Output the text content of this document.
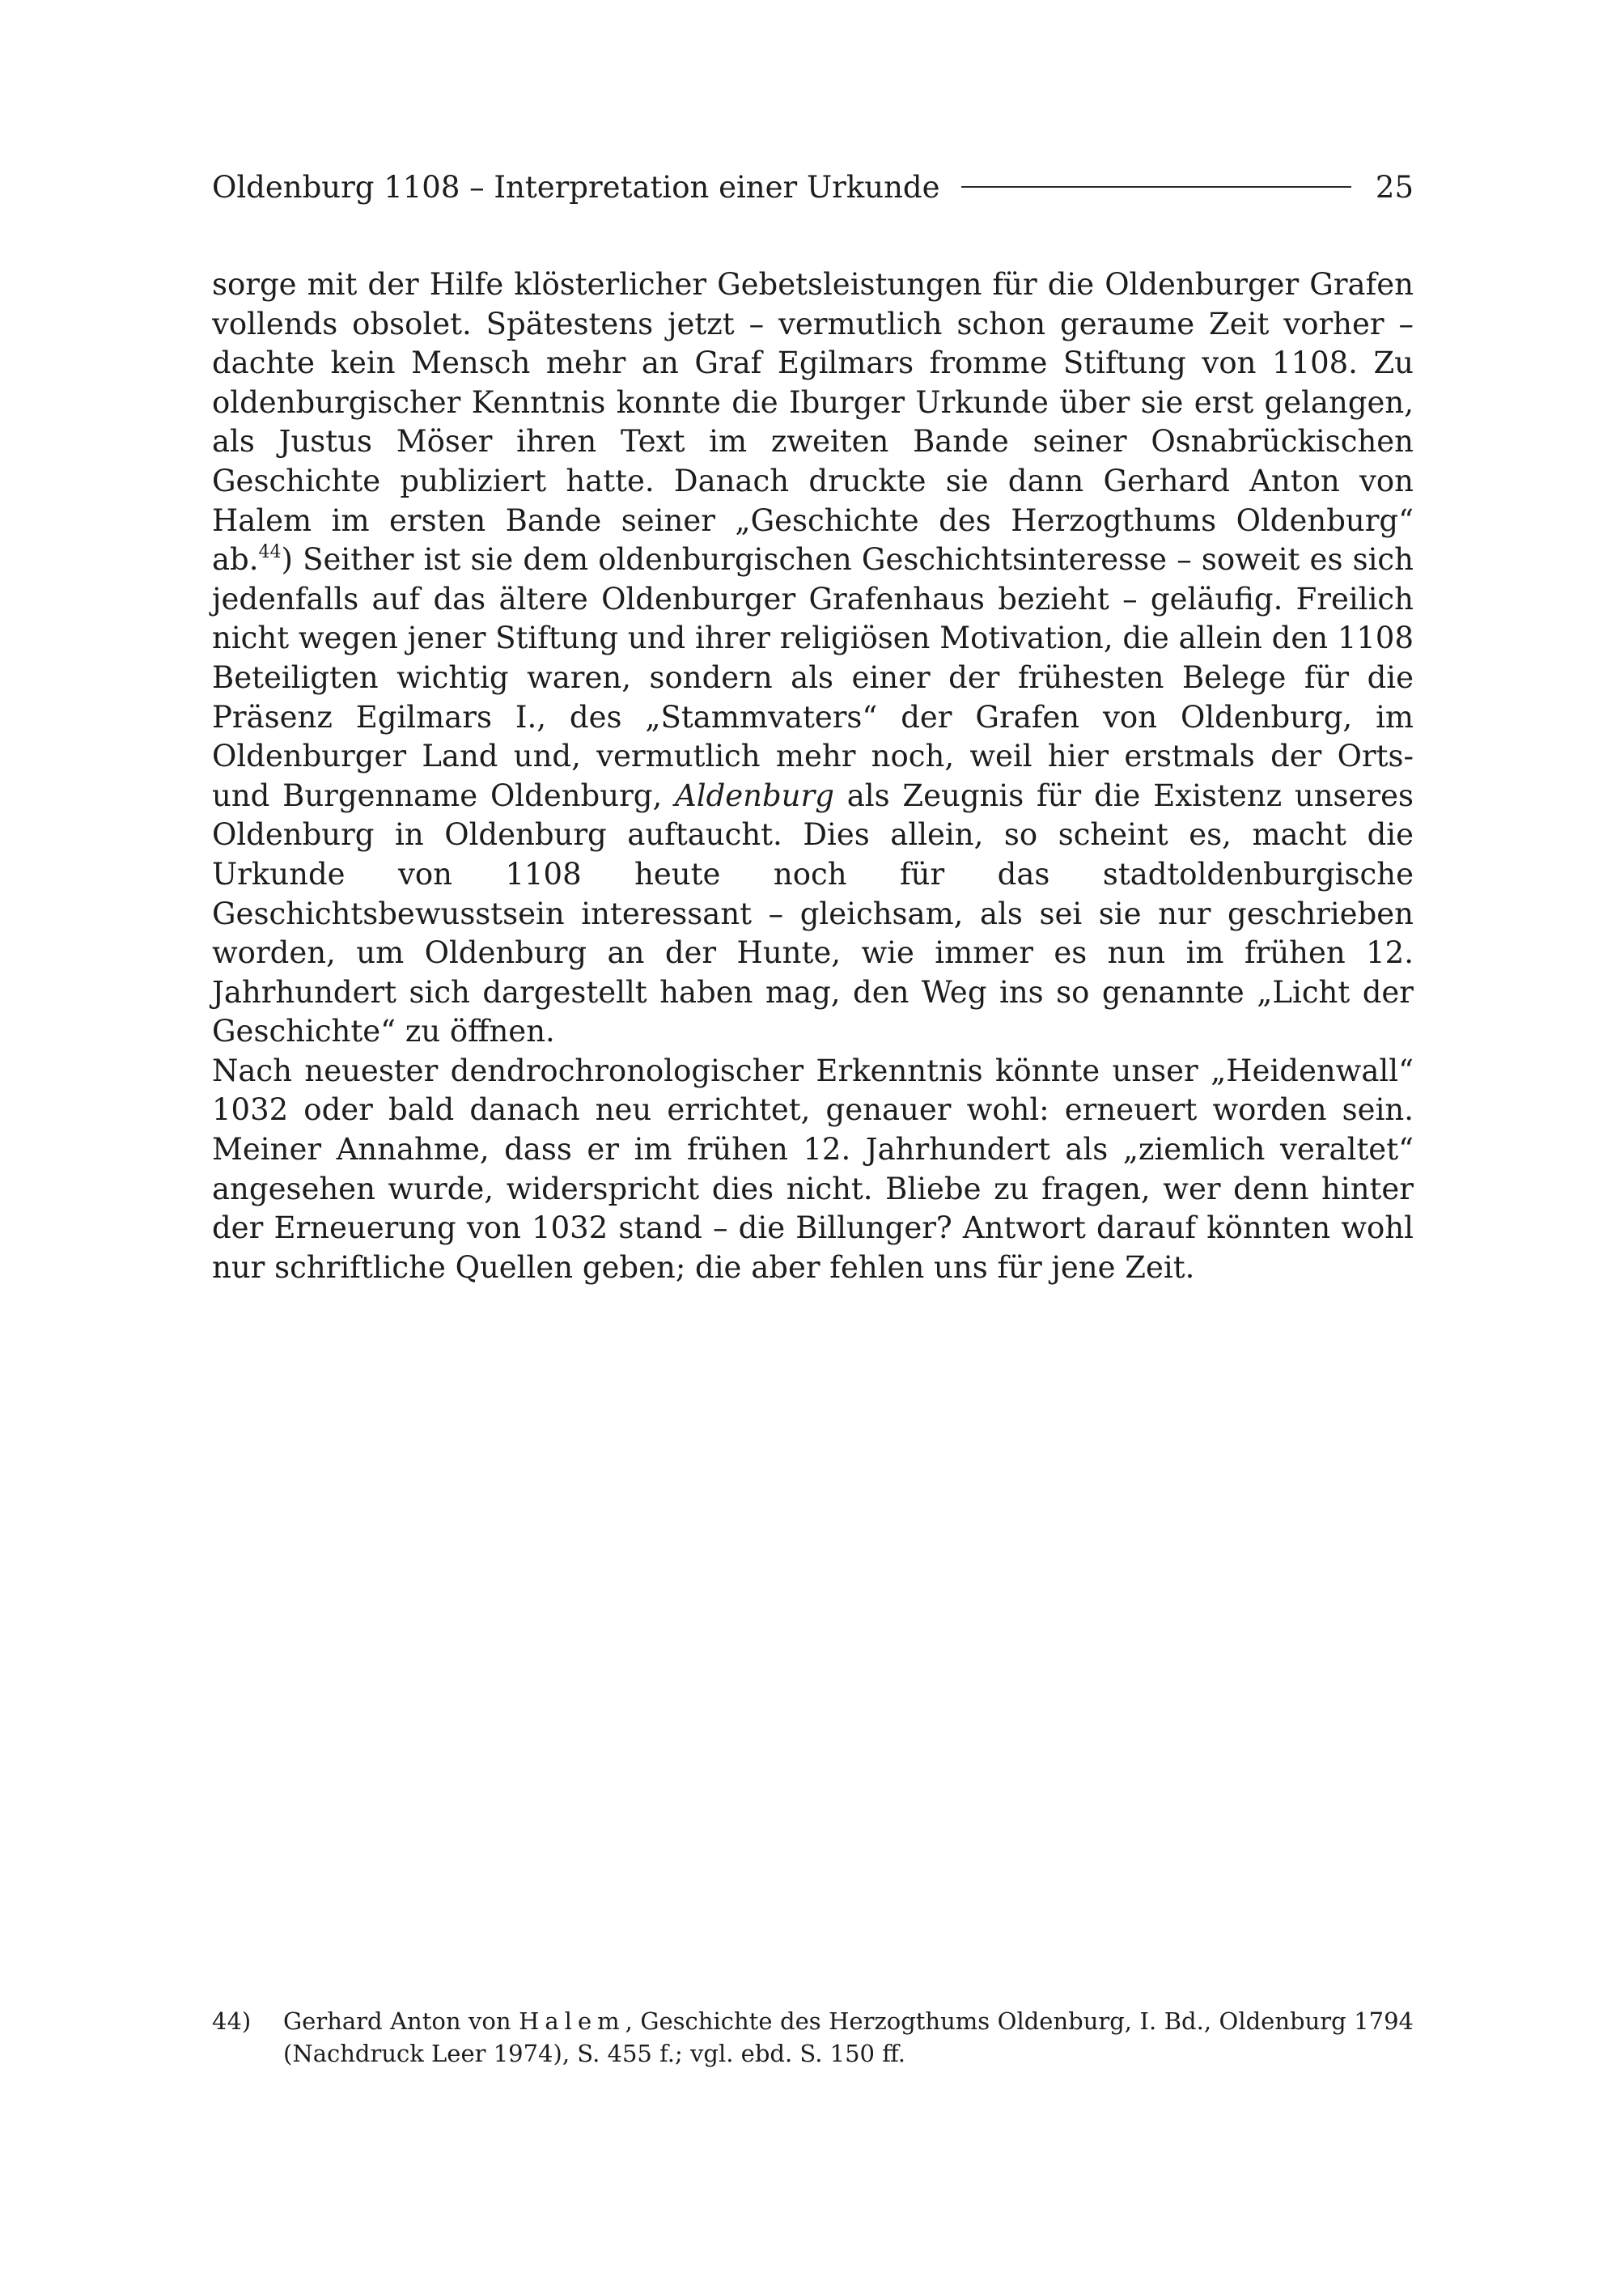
Oldenburg 1108 – Interpretation einer Urkunde	25

sorge mit der Hilfe klösterlicher Gebetsleistungen für die Oldenburger Grafen vollends obsolet. Spätestens jetzt – vermutlich schon geraume Zeit vorher – dachte kein Mensch mehr an Graf Egilmars fromme Stiftung von 1108. Zu oldenburgischer Kenntnis konnte die Iburger Urkunde über sie erst gelangen, als Justus Möser ihren Text im zweiten Bande seiner Osnabrückischen Geschichte publiziert hatte. Danach druckte sie dann Gerhard Anton von Halem im ersten Bande seiner „Geschichte des Herzogthums Oldenburg“ ab.$^{44}$) Seither ist sie dem oldenburgischen Geschichtsinteresse – soweit es sich jedenfalls auf das ältere Oldenburger Grafenhaus bezieht – geläufig. Freilich nicht wegen jener Stiftung und ihrer religiösen Motivation, die allein den 1108 Beteiligten wichtig waren, sondern als einer der frühesten Belege für die Präsenz Egilmars I., des „Stammvaters“ der Grafen von Oldenburg, im Oldenburger Land und, vermutlich mehr noch, weil hier erstmals der Orts- und Burgenname Oldenburg, Aldenburg als Zeugnis für die Existenz unseres Oldenburg in Oldenburg auftaucht. Dies allein, so scheint es, macht die Urkunde von 1108 heute noch für das stadtoldenburgische Geschichtsbewusstsein interessant – gleichsam, als sei sie nur geschrieben worden, um Oldenburg an der Hunte, wie immer es nun im frühen 12. Jahrhundert sich dargestellt haben mag, den Weg ins so genannte „Licht der Geschichte“ zu öffnen.

Nach neuester dendrochronologischer Erkenntnis könnte unser „Heidenwall“ 1032 oder bald danach neu errichtet, genauer wohl: erneuert worden sein. Meiner Annahme, dass er im frühen 12. Jahrhundert als „ziemlich veraltet“ angesehen wurde, widerspricht dies nicht. Bliebe zu fragen, wer denn hinter der Erneuerung von 1032 stand – die Billunger? Antwort darauf könnten wohl nur schriftliche Quellen geben; die aber fehlen uns für jene Zeit.

44)	Gerhard Anton von Halem, Geschichte des Herzogthums Oldenburg, I. Bd., Oldenburg 1794 (Nachdruck Leer 1974), S. 455 f.; vgl. ebd. S. 150 ff.
